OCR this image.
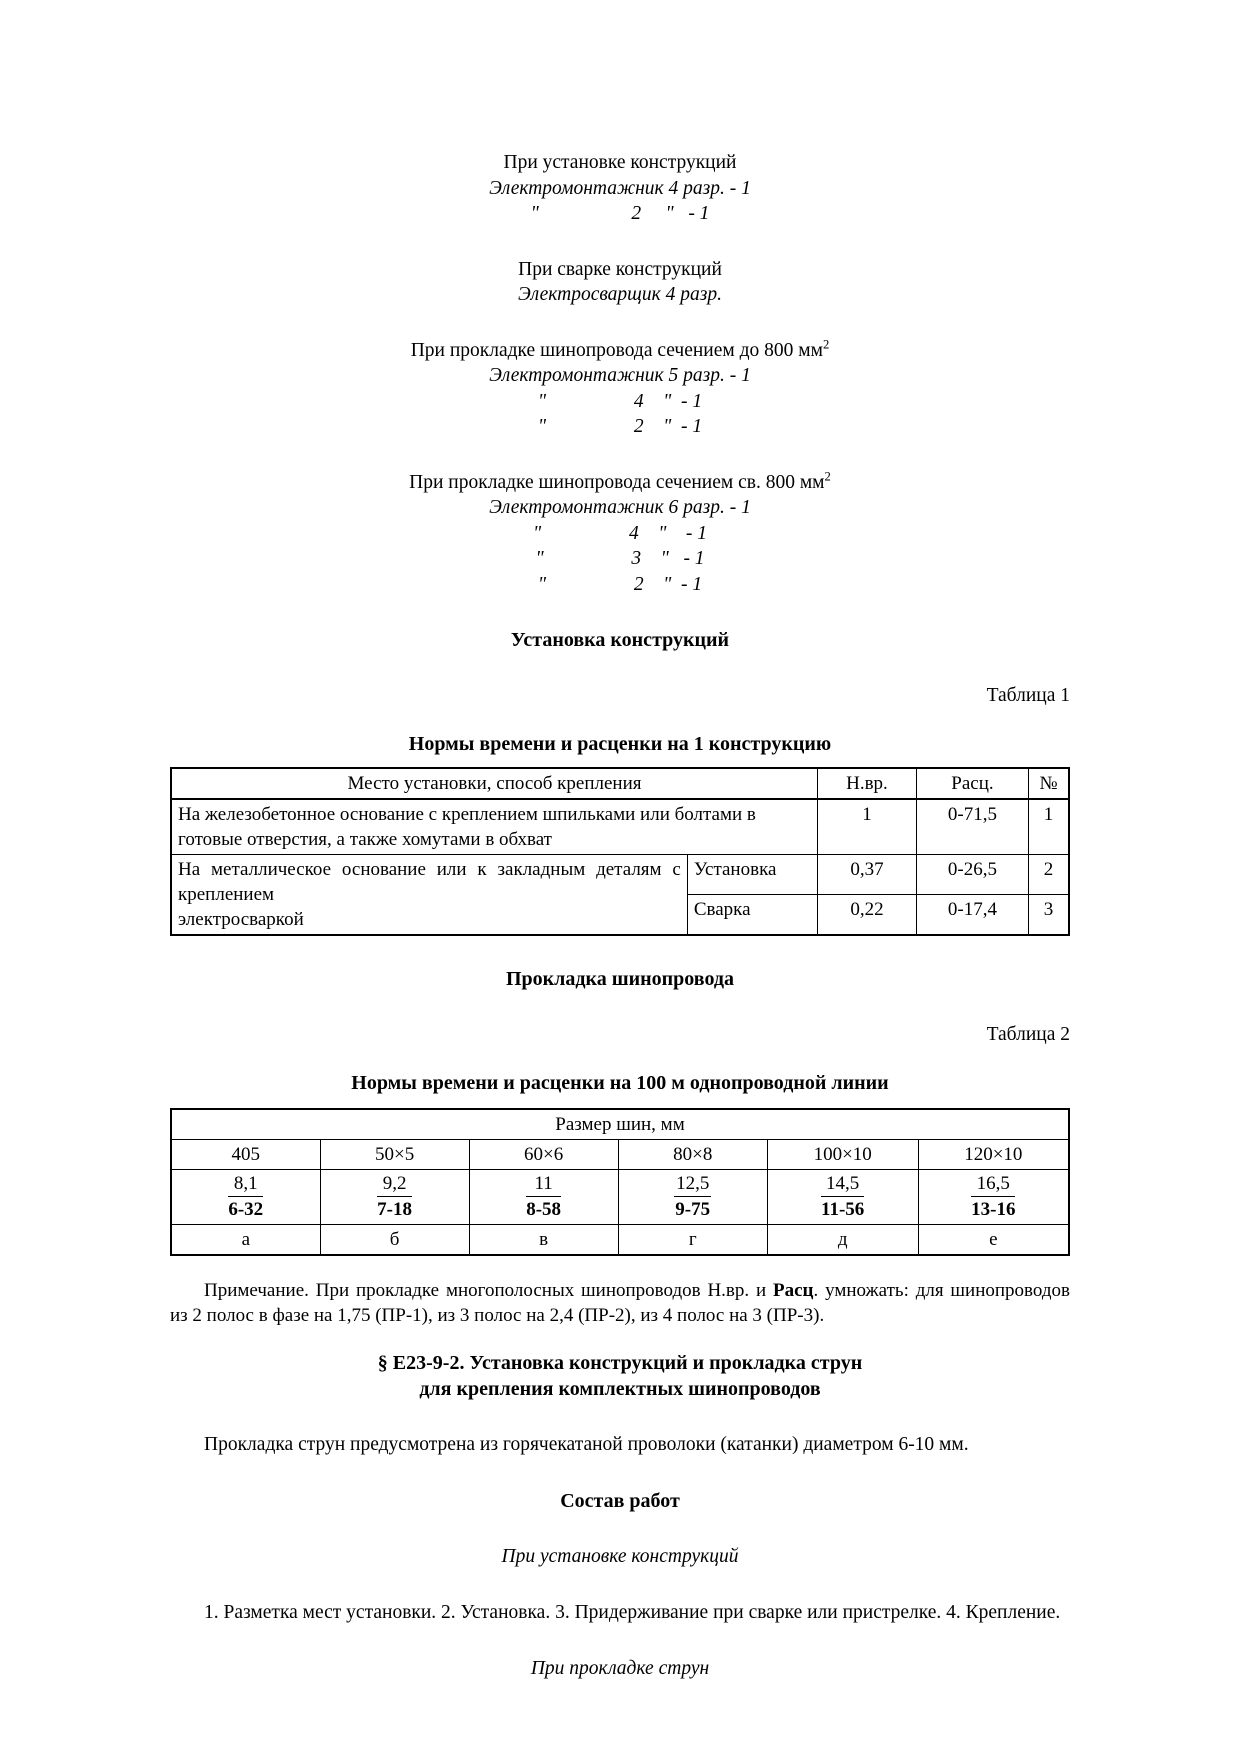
При установке конструкций
Электромонтажник 4 разр. - 1
"                   2     "   - 1
При сварке конструкций
Электросварщик 4 разр.
При прокладке шинопровода сечением до 800 $мм^2$
Электромонтажник 5 разр. - 1
"                  4    "  - 1
"                  2    "  - 1
При прокладке шинопровода сечением св. 800 $мм^2$
Электромонтажник 6 разр. - 1
"                  4    "    - 1
"                  3    "   - 1
"                  2    "  - 1
Установка конструкций
Таблица 1
Нормы времени и расценки на 1 конструкцию
Место установки, способ крепления		Н.вр.	Расц.	№
На железобетонное основание с креплением шпильками или болтами в готовые отверстия, а также хомутами в обхват		1	0-71,5	1
На металлическое основание или к закладным деталям с креплением
электросваркой	Установка	0,37	0-26,5	2
	Сварка	0,22	0-17,4	3
Прокладка шинопровода
Таблица 2
Нормы времени и расценки на 100 м однопроводной линии
Размер шин, мм					
405	50×5	60×6	80×8	100×10	120×10

$\frac{8,1}{6-32}$	$\frac{9,2}{7-18}$	$\frac{11}{8-58}$	$\frac{12,5}{9-75}$	$\frac{14,5}{11-56}$	$\frac{16,5}{13-16}$

а	б	в	г	д	е
Примечание. При прокладке многополосных шинопроводов Н.вр. и Расц. умножать: для шинопроводов из 2 полос в фазе на 1,75 (ПР-1), из 3 полос на 2,4 (ПР-2), из 4 полос на 3 (ПР-3).
§ Е23-9-2. Установка конструкций и прокладка струн
для крепления комплектных шинопроводов
Прокладка струн предусмотрена из горячекатаной проволоки (катанки) диаметром 6-10 мм.
Состав работ
При установке конструкций
1. Разметка мест установки. 2. Установка. 3. Придерживание при сварке или пристрелке. 4. Крепление.
При прокладке струн
